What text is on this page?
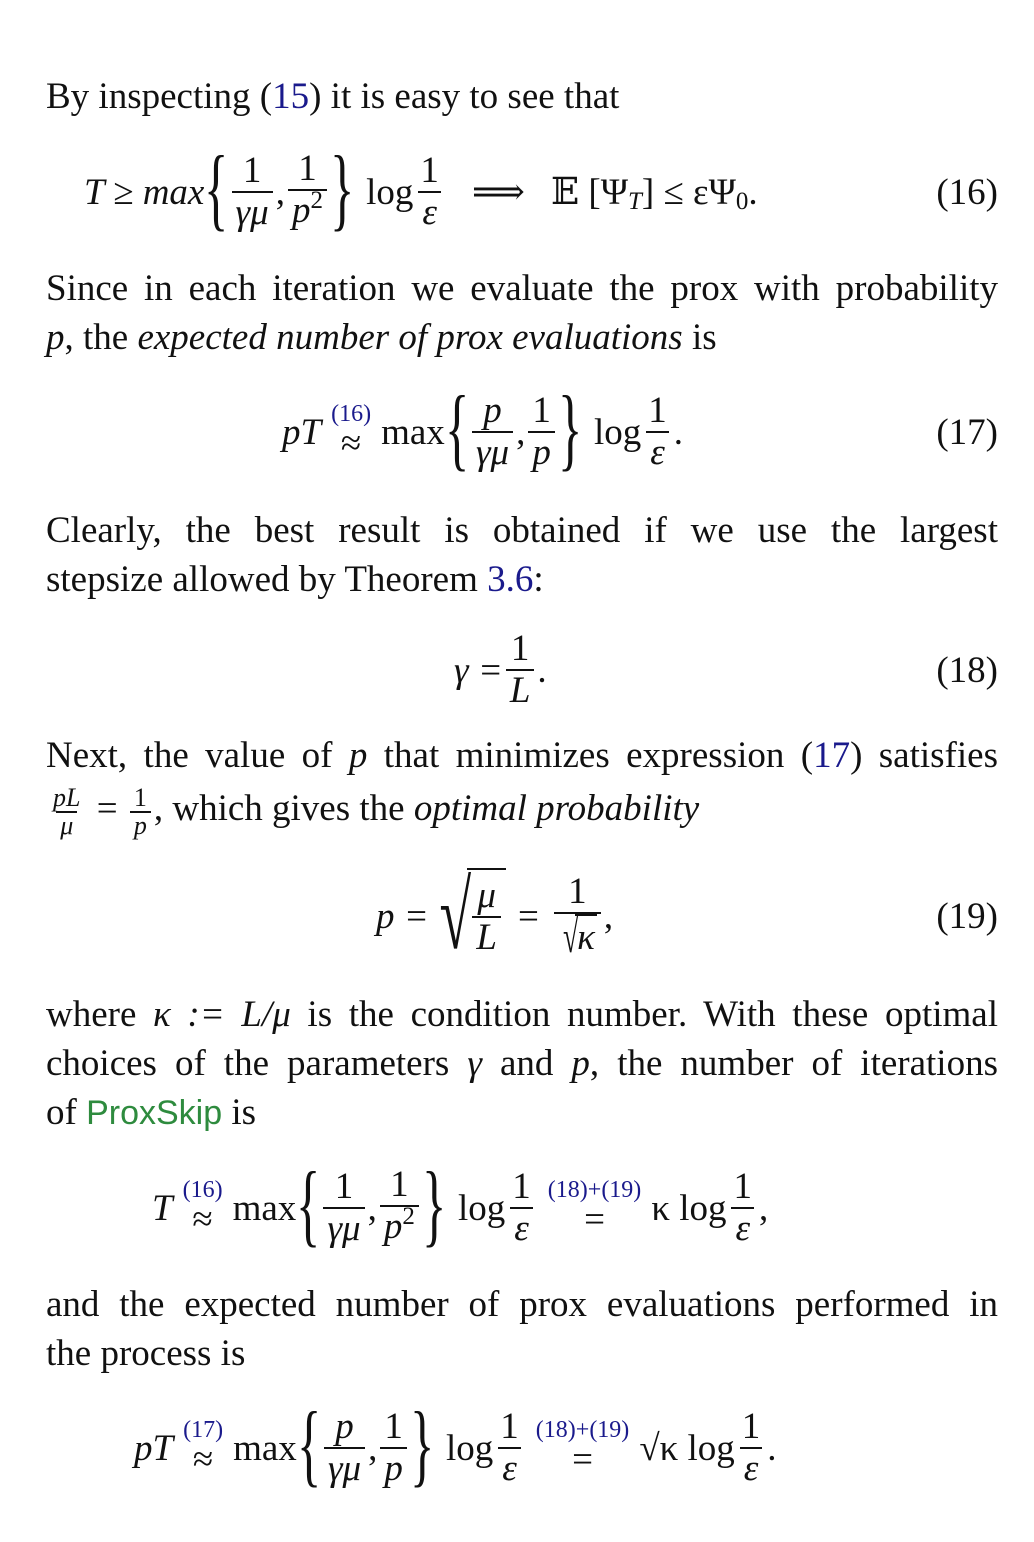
By inspecting (15) it is easy to see that
T ≥ max { $\frac{1}{\gamma\mu}$ , $\frac{1}{p^2}$ } $\log \frac{1}{\varepsilon}$ ⟹ 𝔼 [Ψ T ] ≤ εΨ 0 .	(16)
Since in each iteration we evaluate the prox with probability
p, the expected number of prox evaluations is
pT (16)
≈ max { $\frac{p}{\gamma\mu}$ , $\frac{1}{p}$ } $\log \frac{1}{\varepsilon}$ .	(17)
Clearly, the best result is obtained if we use the largest
stepsize allowed by Theorem 3.6:
$\gamma = \frac{1}{L}$ .	(18)
Next, the value of p that minimizes expression (17) satisfies
$\frac{pL}{\mu} = \frac{1}{p}$ , which gives the optimal probability
p = √ $\frac{\mu}{L} = \frac{1}{√ \kappa}$ ,	(19)
where κ := L/μ is the condition number. With these optimal
choices of the parameters γ and p, the number of iterations
of ProxSkip is
T (16)
≈ max { $\frac{1}{\gamma\mu}$ , $\frac{1}{p^2}$ } $\log \frac{1}{\varepsilon} (18)+(19)$
= κ $\log \frac{1}{\varepsilon}$ ,
and the expected number of prox evaluations performed in
the process is
pT (17)
≈ max { $\frac{p}{\gamma\mu}$ , $\frac{1}{p}$ } $\log \frac{1}{\varepsilon} (18)+(19)$
= √κ $\log \frac{1}{\varepsilon}$ .
